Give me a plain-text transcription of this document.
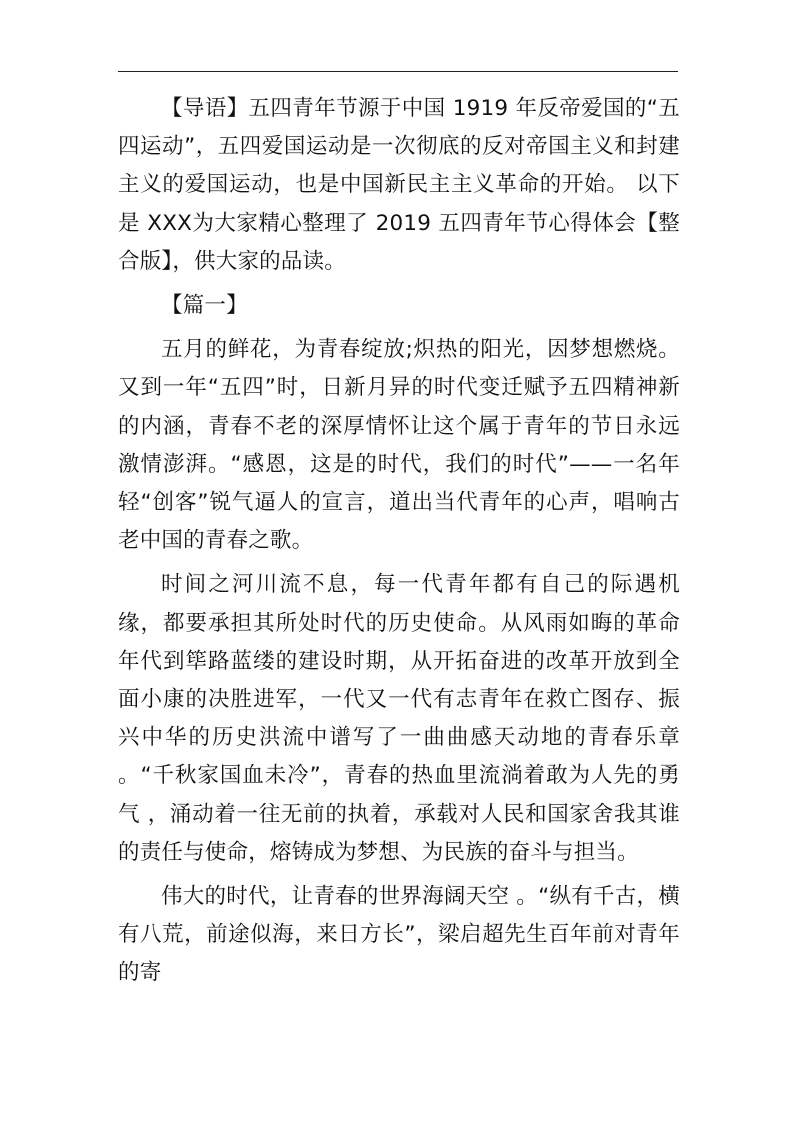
【导语】五四青年节源于中国 1919 年反帝爱国的“五四运动”，五四爱国运动是一次彻底的反对帝国主义和封建主义的爱国运动，也是中国新民主主义革命的开始。 以下是 XXX为大家精心整理了 2019 五四青年节心得体会【整合版】，供大家的品读。

【篇一】

五月的鲜花，为青春绽放;炽热的阳光，因梦想燃烧。又到一年“五四”时，日新月异的时代变迁赋予五四精神新的内涵，青春不老的深厚情怀让这个属于青年的节日永远激情澎湃。“感恩，这是的时代，我们的时代”——一名年轻“创客”锐气逼人的宣言，道出当代青年的心声，唱响古老中国的青春之歌。

时间之河川流不息，每一代青年都有自己的际遇机缘，都要承担其所处时代的历史使命。从风雨如晦的革命年代到筚路蓝缕的建设时期，从开拓奋进的改革开放到全面小康的决胜进军，一代又一代有志青年在救亡图存、振兴中华的历史洪流中谱写了一曲曲感天动地的青春乐章 。“千秋家国血未冷”，青春的热血里流淌着敢为人先的勇气 ，涌动着一往无前的执着，承载对人民和国家舍我其谁的责任与使命，熔铸成为梦想、为民族的奋斗与担当。

伟大的时代，让青春的世界海阔天空 。“纵有千古，横有八荒，前途似海，来日方长”，梁启超先生百年前对青年的寄
